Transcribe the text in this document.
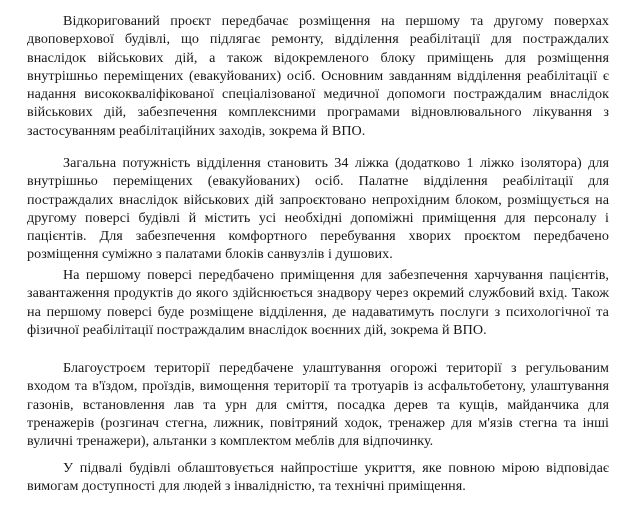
Відкоригований проєкт передбачає розміщення на першому та другому поверхах двоповерхової будівлі, що підлягає ремонту, відділення реабілітації для постраждалих внаслідок військових дій, а також відокремленого блоку приміщень для розміщення внутрішньо переміщених (евакуйованих) осіб. Основним завданням відділення реабілітації є надання висококваліфікованої спеціалізованої медичної допомоги постраждалим внаслідок військових дій, забезпечення комплексними програмами відновлювального лікування з застосуванням реабілітаційних заходів, зокрема й ВПО.

Загальна потужність відділення становить 34 ліжка (додатково 1 ліжко ізолятора) для внутрішньо переміщених (евакуйованих) осіб. Палатне відділення реабілітації для постраждалих внаслідок військових дій запроєктовано непрохідним блоком, розміщується на другому поверсі будівлі й містить усі необхідні допоміжні приміщення для персоналу і пацієнтів. Для забезпечення комфортного перебування хворих проєктом передбачено розміщення суміжно з палатами блоків санвузлів і душових.

На першому поверсі передбачено приміщення для забезпечення харчування пацієнтів, завантаження продуктів до якого здійснюється знадвору через окремий службовий вхід. Також на першому поверсі буде розміщене відділення, де надаватимуть послуги з психологічної та фізичної реабілітації постраждалим внаслідок воєнних дій, зокрема й ВПО.

Благоустроєм території передбачене улаштування огорожі території з регульованим входом та в'їздом, проїздів, вимощення території та тротуарів із асфальтобетону, улаштування газонів, встановлення лав та урн для сміття, посадка дерев та кущів, майданчика для тренажерів (розгинач стегна, лижник, повітряний ходок, тренажер для м'язів стегна та інші вуличні тренажери), альтанки з комплектом меблів для відпочинку.

У підвалі будівлі облаштовується найпростіше укриття, яке повною мірою відповідає вимогам доступності для людей з інвалідністю, та технічні приміщення.
